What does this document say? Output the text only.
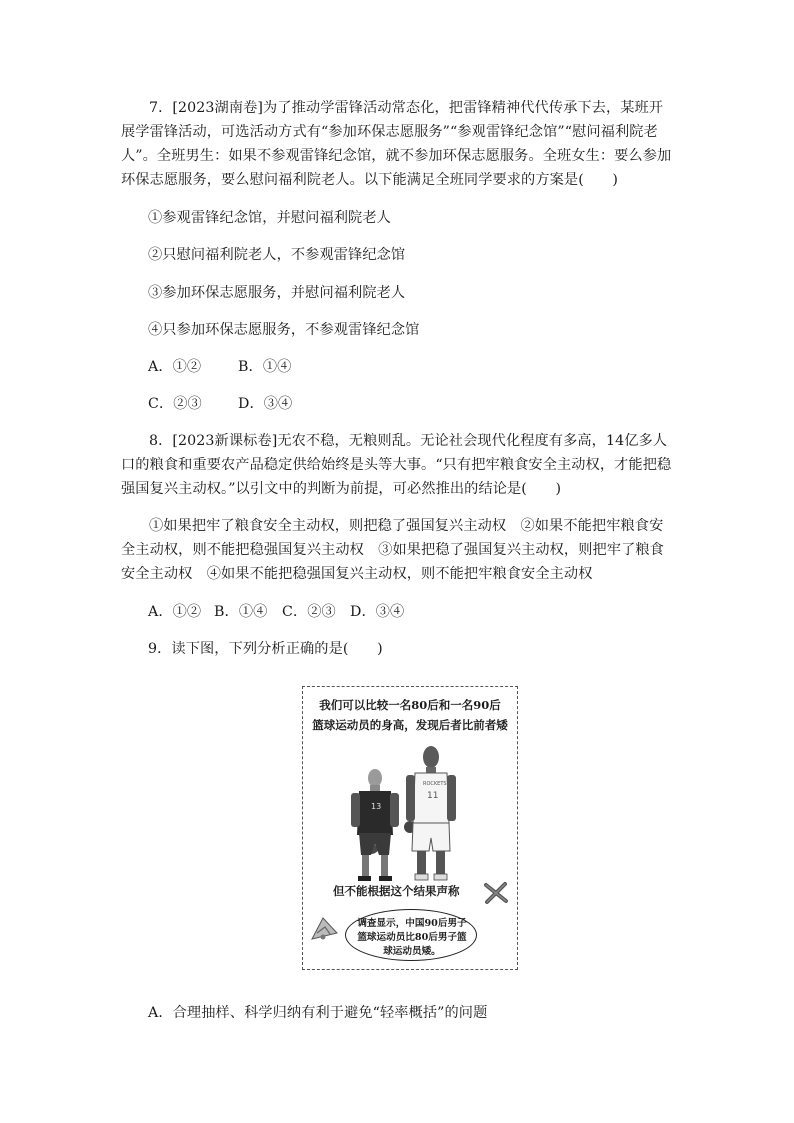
7．[2023湖南卷]为了推动学雷锋活动常态化，把雷锋精神代代传承下去，某班开展学雷锋活动，可选活动方式有“参加环保志愿服务”“参观雷锋纪念馆”“慰问福利院老人”。全班男生：如果不参观雷锋纪念馆，就不参加环保志愿服务。全班女生：要么参加环保志愿服务，要么慰问福利院老人。以下能满足全班同学要求的方案是(　　)
①参观雷锋纪念馆，并慰问福利院老人
②只慰问福利院老人，不参观雷锋纪念馆
③参加环保志愿服务，并慰问福利院老人
④只参加环保志愿服务，不参观雷锋纪念馆
A．①②	B．①④
C．②③	D．③④
8．[2023新课标卷]无农不稳，无粮则乱。无论社会现代化程度有多高，14亿多人口的粮食和重要农产品稳定供给始终是头等大事。“只有把牢粮食安全主动权，才能把稳强国复兴主动权。”以引文中的判断为前提，可必然推出的结论是(　　)
①如果把牢了粮食安全主动权，则把稳了强国复兴主动权　②如果不能把牢粮食安全主动权，则不能把稳强国复兴主动权　③如果把稳了强国复兴主动权，则把牢了粮食安全主动权　④如果不能把稳强国复兴主动权，则不能把牢粮食安全主动权
A．①② B．①④ C．②③ D．③④
9．读下图，下列分析正确的是(　　)
我们可以比较一名80后和一名90后
篮球运动员的身高，发现后者比前者矮
13
ROCKETS
11
但不能根据这个结果声称
调查显示，中国90后男子
篮球运动员比80后男子篮
球运动员矮。
A．合理抽样、科学归纳有利于避免“轻率概括”的问题
